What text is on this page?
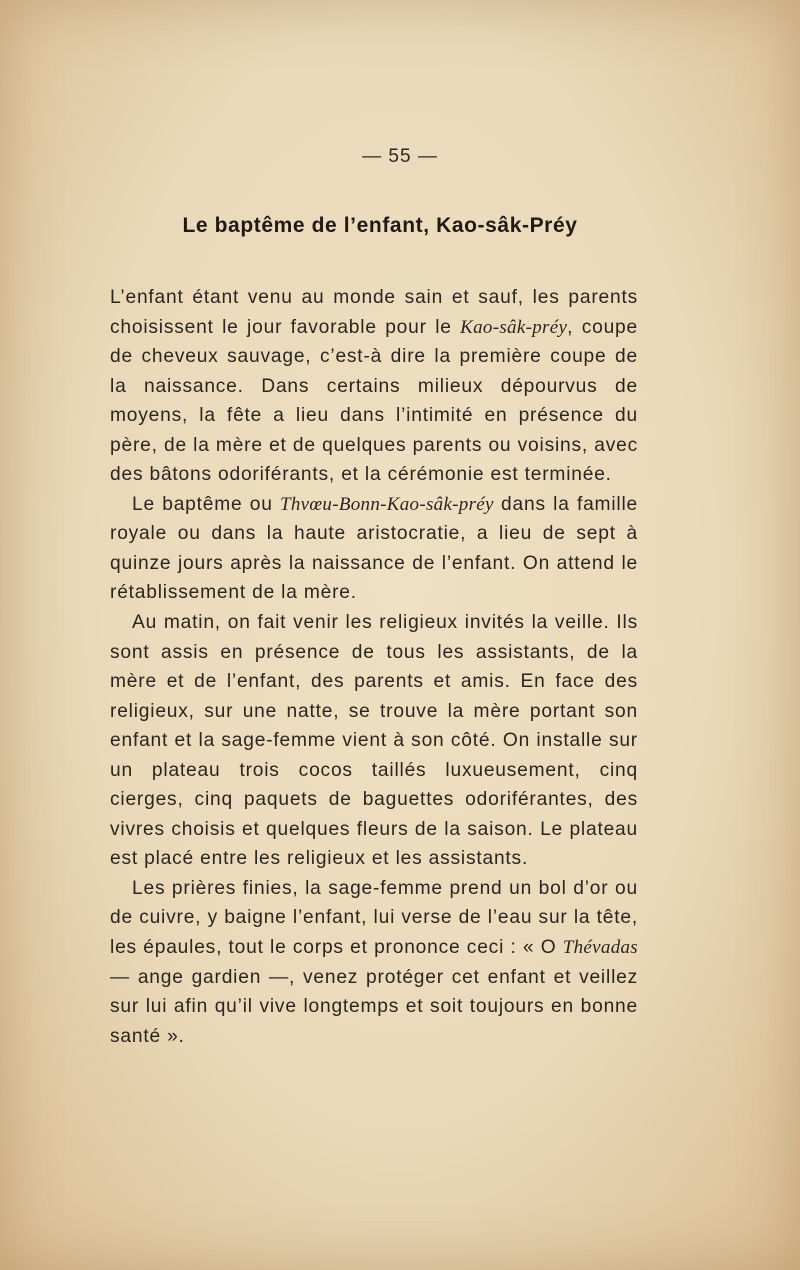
— 55 —
Le baptême de l’enfant, Kao-sâk-Préy

L’enfant étant venu au monde sain et sauf, les parents choisissent le jour favorable pour le Kao-sâk-préy, coupe de cheveux sauvage, c’est-à dire la première coupe de la naissance. Dans certains milieux dépourvus de moyens, la fête a lieu dans l’intimité en présence du père, de la mère et de quelques parents ou voisins, avec des bâtons odoriférants, et la cérémonie est terminée.

Le baptême ou Thvœu-Bonn-Kao-sâk-préy dans la famille royale ou dans la haute aristocratie, a lieu de sept à quinze jours après la naissance de l’enfant. On attend le rétablissement de la mère.

Au matin, on fait venir les religieux invités la veille. Ils sont assis en présence de tous les assistants, de la mère et de l’enfant, des parents et amis. En face des religieux, sur une natte, se trouve la mère portant son enfant et la sage-femme vient à son côté. On installe sur un plateau trois cocos taillés luxueusement, cinq cierges, cinq paquets de baguettes odoriférantes, des vivres choisis et quelques fleurs de la saison. Le plateau est placé entre les religieux et les assistants.

Les prières finies, la sage-femme prend un bol d’or ou de cuivre, y baigne l’enfant, lui verse de l’eau sur la tête, les épaules, tout le corps et prononce ceci : « O Thévadas — ange gardien —, venez protéger cet enfant et veillez sur lui afin qu’il vive longtemps et soit toujours en bonne santé ».
